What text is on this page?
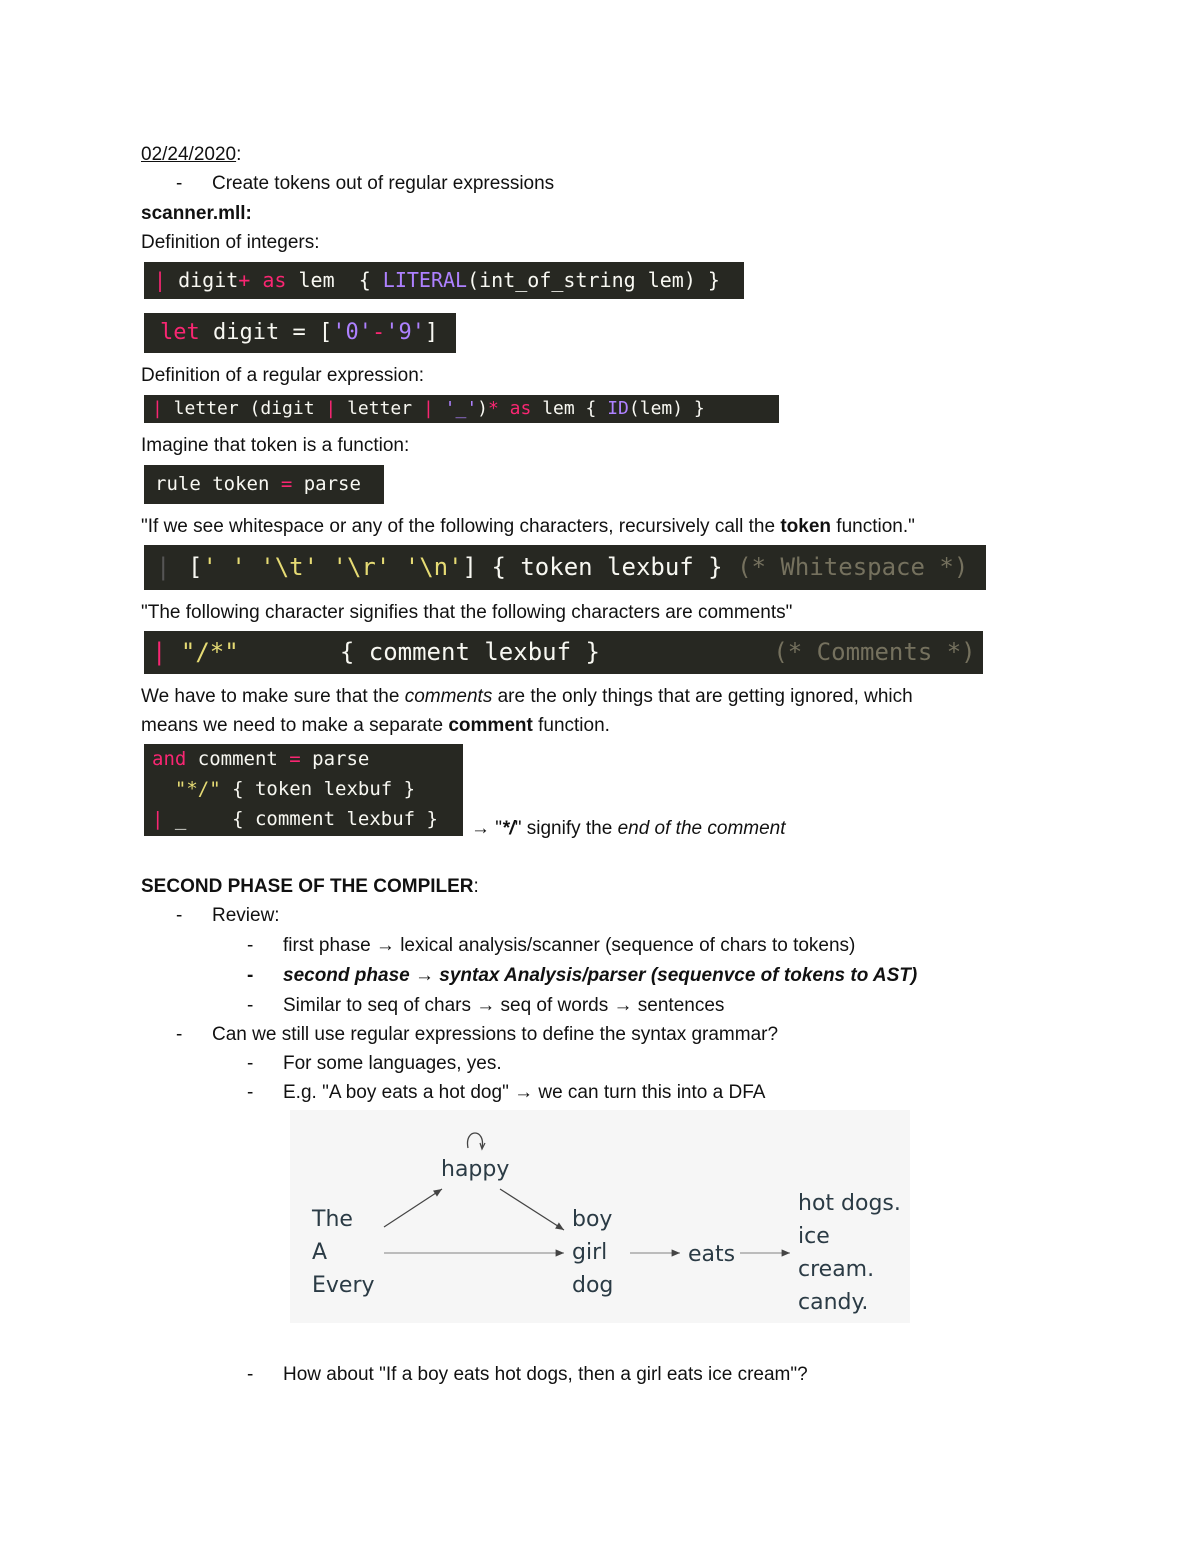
02/24/2020:
- Create tokens out of regular expressions
scanner.mll:
Definition of integers:
| digit+ as lem  { LITERAL(int_of_string lem) }
let digit = ['0'-'9']
Definition of a regular expression:
| letter (digit | letter | '_')* as lem { ID(lem) }
Imagine that token is a function:
rule token = parse
"If we see whitespace or any of the following characters, recursively call the token function."
| [' ' '\t' '\r' '\n'] { token lexbuf } (* Whitespace *)
"The following character signifies that the following characters are comments"
| "/*"       { comment lexbuf }            (* Comments *)
We have to make sure that the comments are the only things that are getting ignored, which
means we need to make a separate comment function.
and comment = parse
"*/" { token lexbuf }
| _    { comment lexbuf }	→ "*/" signify the end of the comment
SECOND PHASE OF THE COMPILER:
- Review:
- first phase → lexical analysis/scanner (sequence of chars to tokens)
- second phase → syntax Analysis/parser (sequenvce of tokens to AST)
- Similar to seq of chars → seq of words → sentences
- Can we still use regular expressions to define the syntax grammar?
- For some languages, yes.
- E.g. "A boy eats a hot dog" → we can turn this into a DFA
happy
The
A
Every
boy
girl
dog
eats
hot dogs.
ice
cream.
candy.
- How about "If a boy eats hot dogs, then a girl eats ice cream"?
